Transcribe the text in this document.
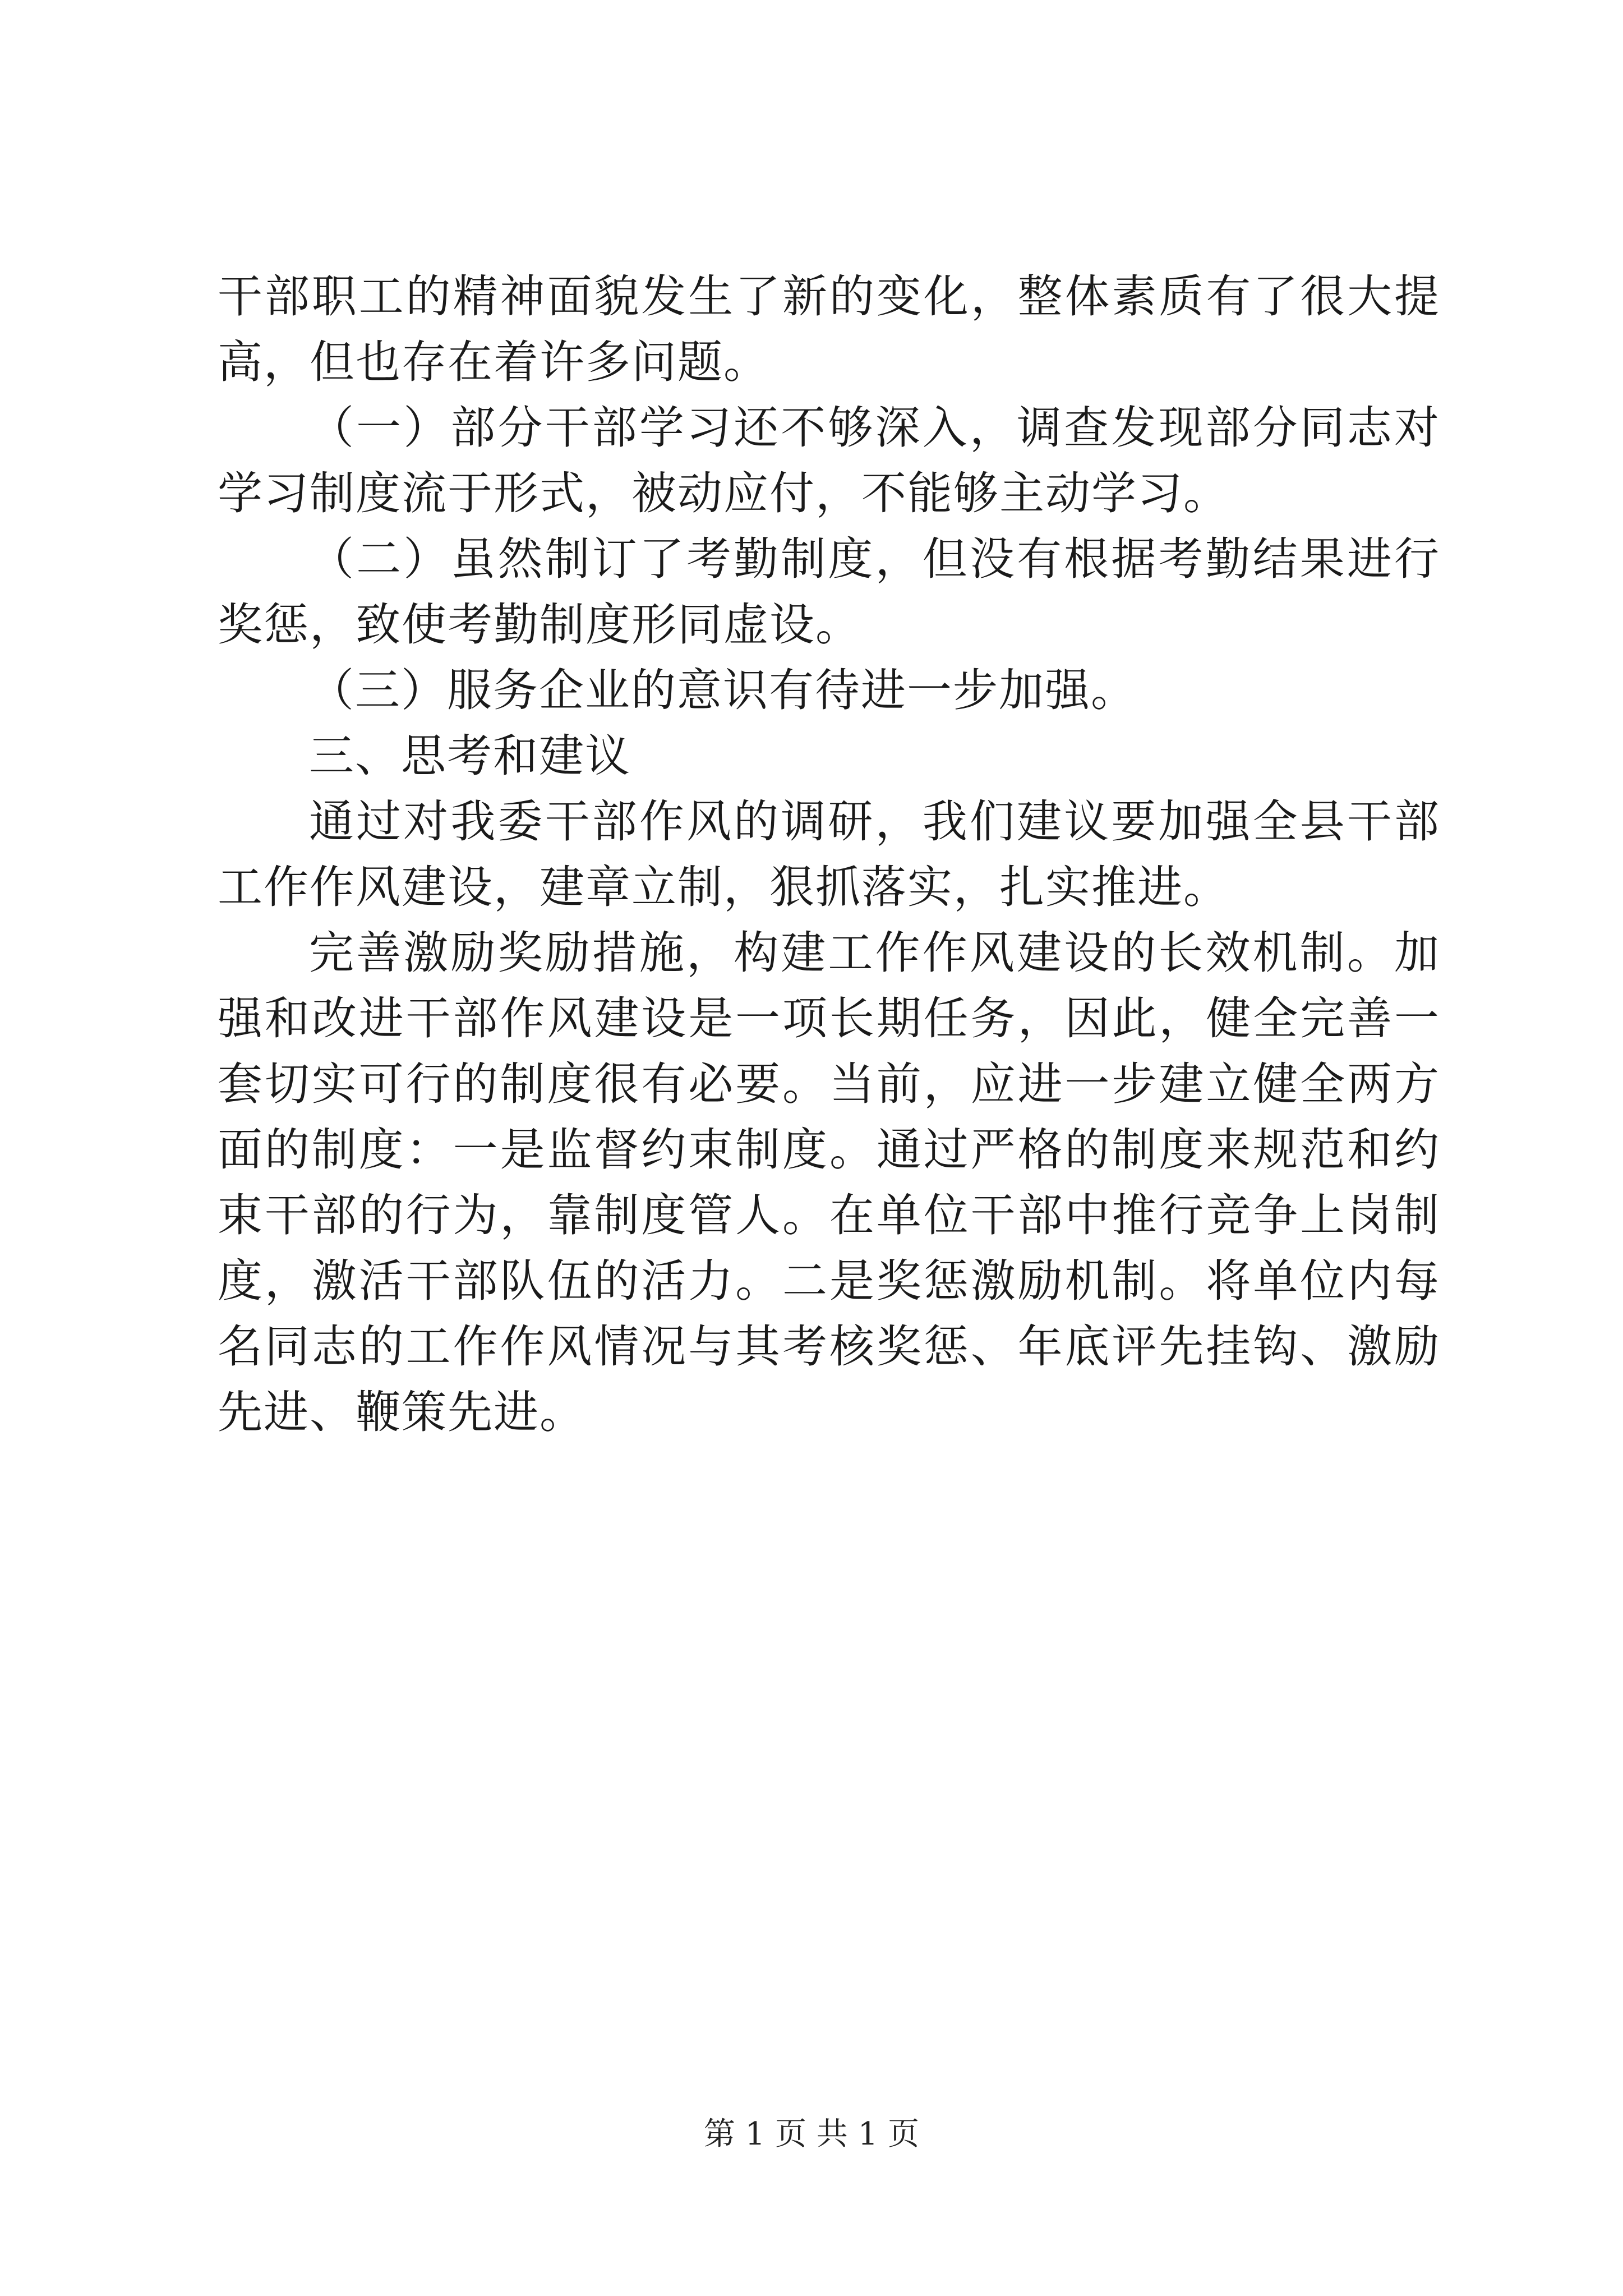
干部职工的精神面貌发生了新的变化，整体素质有了很大提高，但也存在着许多问题。

（一）部分干部学习还不够深入，调查发现部分同志对学习制度流于形式，被动应付，不能够主动学习。

（二）虽然制订了考勤制度，但没有根据考勤结果进行奖惩，致使考勤制度形同虚设。

（三）服务企业的意识有待进一步加强。

三、思考和建议

通过对我委干部作风的调研，我们建议要加强全县干部工作作风建设，建章立制，狠抓落实，扎实推进。

完善激励奖励措施，构建工作作风建设的长效机制。加强和改进干部作风建设是一项长期任务，因此，健全完善一套切实可行的制度很有必要。当前，应进一步建立健全两方面的制度：一是监督约束制度。通过严格的制度来规范和约束干部的行为，靠制度管人。在单位干部中推行竞争上岗制度，激活干部队伍的活力。二是奖惩激励机制。将单位内每名同志的工作作风情况与其考核奖惩、年底评先挂钩、激励先进、鞭策先进。

第 1 页 共 1 页
